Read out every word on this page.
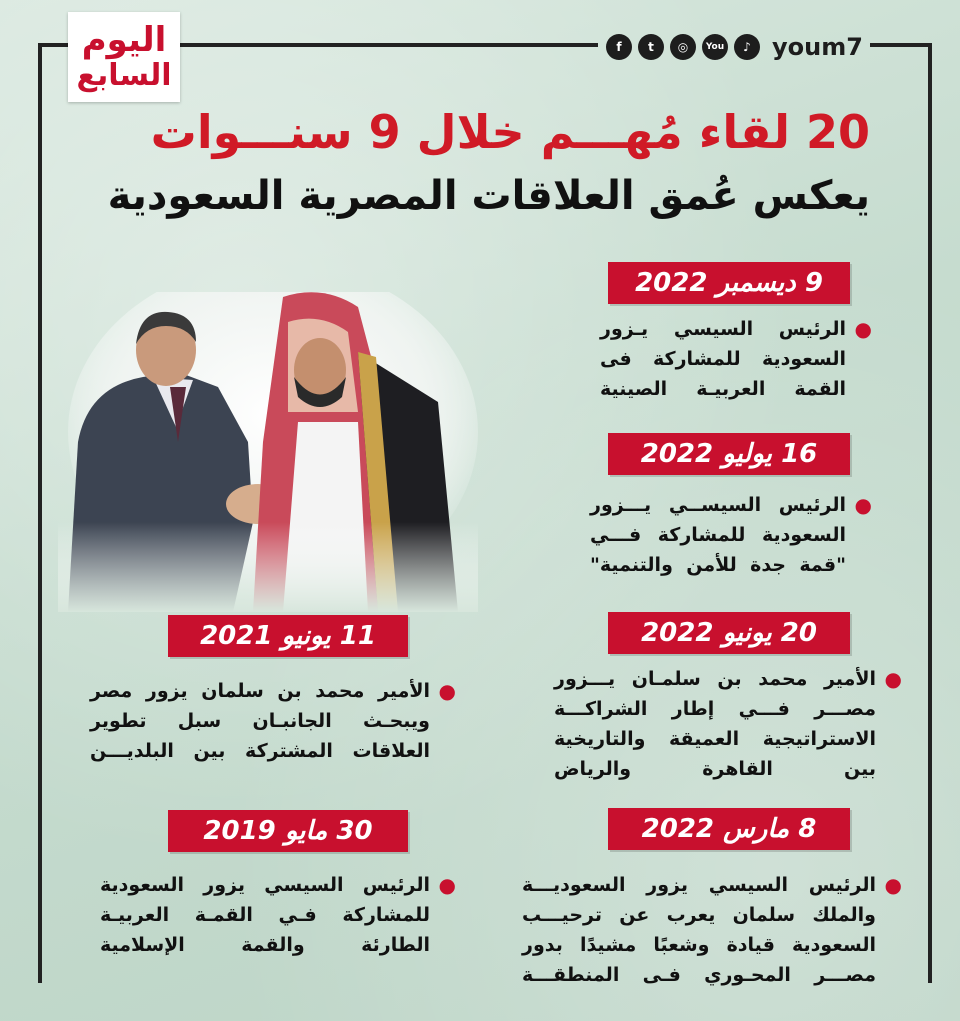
اليوم
السابع
f	t	◎	You	♪ youm7
20 لقاء مُهـــم خلال 9 سنـــوات
يعكس عُمق العلاقات المصرية السعودية
9 ديسمبر 2022
●
الرئيس السيسي يـزور
السعودية للمشاركة فى
القمة العربيـة الصينية
16 يوليو 2022
●
الرئيس السيســي يـــزور
السعودية للمشاركة فـــي
"قمة جدة للأمن والتنمية"
20 يونيو 2022
●
الأمير محمد بن سلمـان يـــزور
مصـــر فـــي إطار الشراكـــة
الاستراتيجية العميقة والتاريخية
بين القاهرة والرياض
8 مارس 2022
●
الرئيس السيسي يزور السعوديـــة
والملك سلمان يعرب عن ترحيـــب
السعودية قيادة وشعبًا مشيدًا بدور
مصـــر المحـوري فـى المنطقـــة
11 يونيو 2021
●
الأمير محمد بن سلمان يزور مصر
ويبحـث الجانبـان سبل تطوير
العلاقات المشتركة بين البلديـــن
30 مايو 2019
●
الرئيس السيسي يزور السعودية
للمشاركة فـي القمـة العربيـة
الطارئة والقمة الإسلامية
